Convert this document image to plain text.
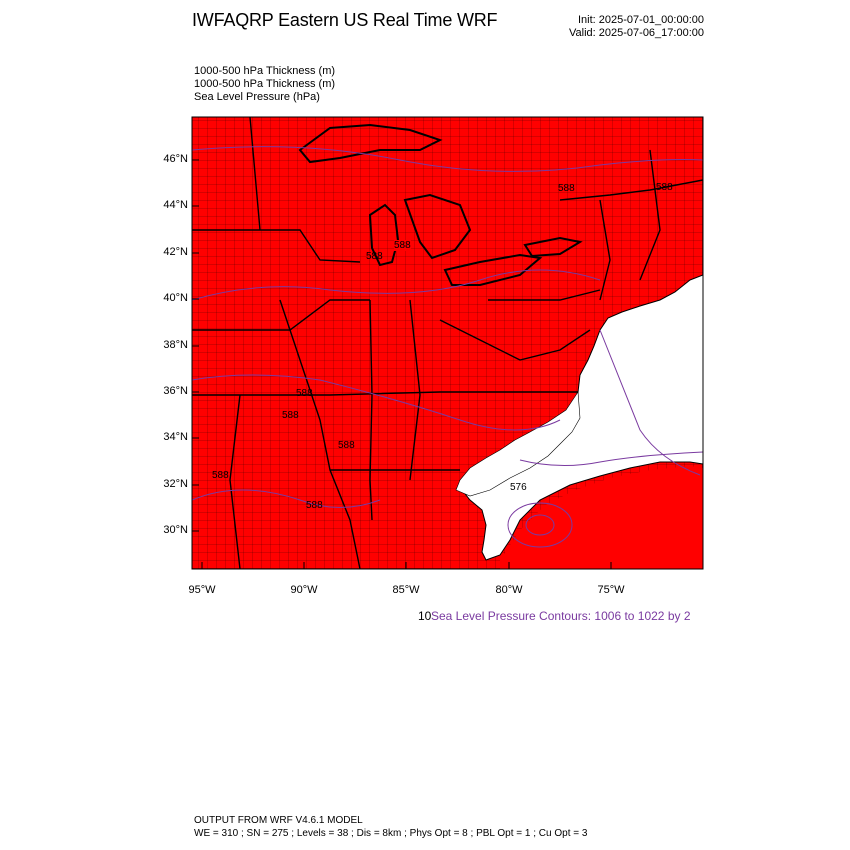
IWFAQRP Eastern US Real Time WRF	Init: 2025-07-01_00:00:00
Valid: 2025-07-06_17:00:00
1000-500 hPa Thickness (m)
1000-500 hPa Thickness (m)
Sea Level Pressure (hPa)
588
588
588	588
588
588
588
588
588
576
46°N
44°N
42°N
40°N
38°N
36°N
34°N
32°N
30°N
95°W	90°W	85°W	80°W	75°W
10 Sea Level Pressure Contours: 1006 to 1022 by 2
OUTPUT FROM WRF V4.6.1 MODEL
WE = 310 ; SN = 275 ; Levels = 38 ; Dis = 8km ; Phys Opt = 8 ; PBL Opt = 1 ; Cu Opt = 3
